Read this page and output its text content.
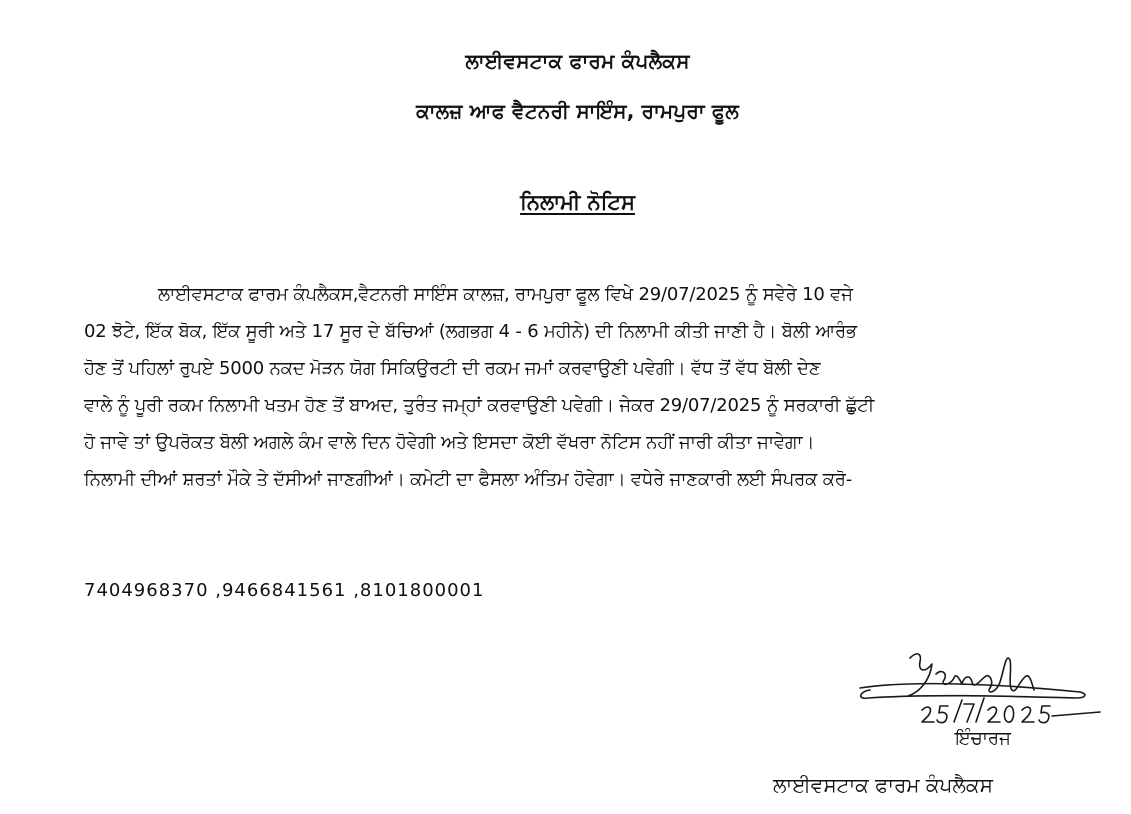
ਲਾਈਵਸਟਾਕ ਫਾਰਮ ਕੰਪਲੈਕਸ
ਕਾਲਜ਼ ਆਫ ਵੈਟਨਰੀ ਸਾਇੰਸ, ਰਾਮਪੁਰਾ ਫੂਲ
ਨਿਲਾਮੀ ਨੋਟਿਸ
ਲਾਈਵਸਟਾਕ ਫਾਰਮ ਕੰਪਲੈਕਸ,ਵੈਟਨਰੀ ਸਾਇੰਸ ਕਾਲਜ਼, ਰਾਮਪੁਰਾ ਫੂਲ ਵਿਖੇ 29/07/2025 ਨੂੰ ਸਵੇਰੇ 10 ਵਜੇ
02 ਝੋਟੇ, ਇੱਕ ਬੋਕ, ਇੱਕ ਸੂਰੀ ਅਤੇ 17 ਸੂਰ ਦੇ ਬੱਚਿਆਂ (ਲਗਭਗ 4 - 6 ਮਹੀਨੇ) ਦੀ ਨਿਲਾਮੀ ਕੀਤੀ ਜਾਣੀ ਹੈ। ਬੋਲੀ ਆਰੰਭ
ਹੋਣ ਤੋਂ ਪਹਿਲਾਂ ਰੁਪਏ 5000 ਨਕਦ ਮੋੜਨ ਯੋਗ ਸਿਕਿਉਰਟੀ ਦੀ ਰਕਮ ਜਮਾਂ ਕਰਵਾਉਣੀ ਪਵੇਗੀ। ਵੱਧ ਤੋਂ ਵੱਧ ਬੋਲੀ ਦੇਣ
ਵਾਲੇ ਨੂੰ ਪੂਰੀ ਰਕਮ ਨਿਲਾਮੀ ਖਤਮ ਹੋਣ ਤੋਂ ਬਾਅਦ, ਤੁਰੰਤ ਜਮ੍ਹਾਂ ਕਰਵਾਉਣੀ ਪਵੇਗੀ। ਜੇਕਰ 29/07/2025 ਨੂੰ ਸਰਕਾਰੀ ਛੁੱਟੀ
ਹੋ ਜਾਵੇ ਤਾਂ ਉਪਰੋਕਤ ਬੋਲੀ ਅਗਲੇ ਕੰਮ ਵਾਲੇ ਦਿਨ ਹੋਵੇਗੀ ਅਤੇ ਇਸਦਾ ਕੋਈ ਵੱਖਰਾ ਨੋਟਿਸ ਨਹੀਂ ਜਾਰੀ ਕੀਤਾ ਜਾਵੇਗਾ।
ਨਿਲਾਮੀ ਦੀਆਂ ਸ਼ਰਤਾਂ ਮੌਕੇ ਤੇ ਦੱਸੀਆਂ ਜਾਣਗੀਆਂ। ਕਮੇਟੀ ਦਾ ਫੈਸਲਾ ਅੰਤਿਮ ਹੋਵੇਗਾ। ਵਧੇਰੇ ਜਾਣਕਾਰੀ ਲਈ ਸੰਪਰਕ ਕਰੋ-
7404968370 ,9466841561 ,8101800001
ਇੰਚਾਰਜ
ਲਾਈਵਸਟਾਕ ਫਾਰਮ ਕੰਪਲੈਕਸ
